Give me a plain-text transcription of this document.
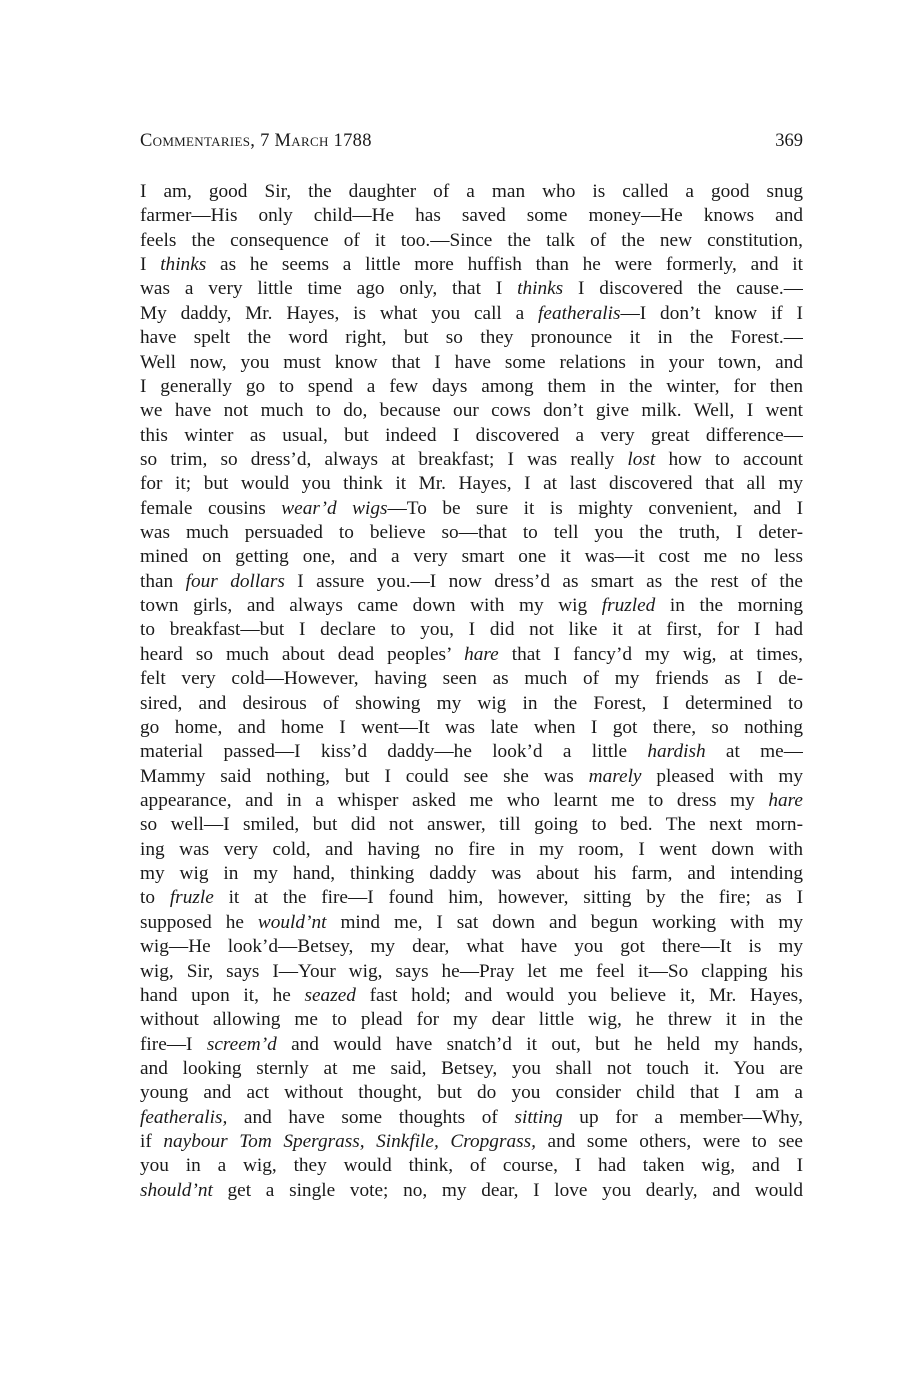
Commentaries, 7 March 1788	369
I am, good Sir, the daughter of a man who is called a good snug
farmer—His only child—He has saved some money—He knows and
feels the consequence of it too.—Since the talk of the new constitution,
I thinks as he seems a little more huffish than he were formerly, and it
was a very little time ago only, that I thinks I discovered the cause.—
My daddy, Mr. Hayes, is what you call a featheralis—I don’t know if I
have spelt the word right, but so they pronounce it in the Forest.—
Well now, you must know that I have some relations in your town, and
I generally go to spend a few days among them in the winter, for then
we have not much to do, because our cows don’t give milk. Well, I went
this winter as usual, but indeed I discovered a very great difference—
so trim, so dress’d, always at breakfast; I was really lost how to account
for it; but would you think it Mr. Hayes, I at last discovered that all my
female cousins wear’d wigs—To be sure it is mighty convenient, and I
was much persuaded to believe so—that to tell you the truth, I deter-
mined on getting one, and a very smart one it was—it cost me no less
than four dollars I assure you.—I now dress’d as smart as the rest of the
town girls, and always came down with my wig fruzled in the morning
to breakfast—but I declare to you, I did not like it at first, for I had
heard so much about dead peoples’ hare that I fancy’d my wig, at times,
felt very cold—However, having seen as much of my friends as I de-
sired, and desirous of showing my wig in the Forest, I determined to
go home, and home I went—It was late when I got there, so nothing
material passed—I kiss’d daddy—he look’d a little hardish at me—
Mammy said nothing, but I could see she was marely pleased with my
appearance, and in a whisper asked me who learnt me to dress my hare
so well—I smiled, but did not answer, till going to bed. The next morn-
ing was very cold, and having no fire in my room, I went down with
my wig in my hand, thinking daddy was about his farm, and intending
to fruzle it at the fire—I found him, however, sitting by the fire; as I
supposed he would’nt mind me, I sat down and begun working with my
wig—He look’d—Betsey, my dear, what have you got there—It is my
wig, Sir, says I—Your wig, says he—Pray let me feel it—So clapping his
hand upon it, he seazed fast hold; and would you believe it, Mr. Hayes,
without allowing me to plead for my dear little wig, he threw it in the
fire—I screem’d and would have snatch’d it out, but he held my hands,
and looking sternly at me said, Betsey, you shall not touch it. You are
young and act without thought, but do you consider child that I am a
featheralis, and have some thoughts of sitting up for a member—Why,
if naybour Tom Spergrass, Sinkfile, Cropgrass, and some others, were to see
you in a wig, they would think, of course, I had taken wig, and I
should’nt get a single vote; no, my dear, I love you dearly, and would
